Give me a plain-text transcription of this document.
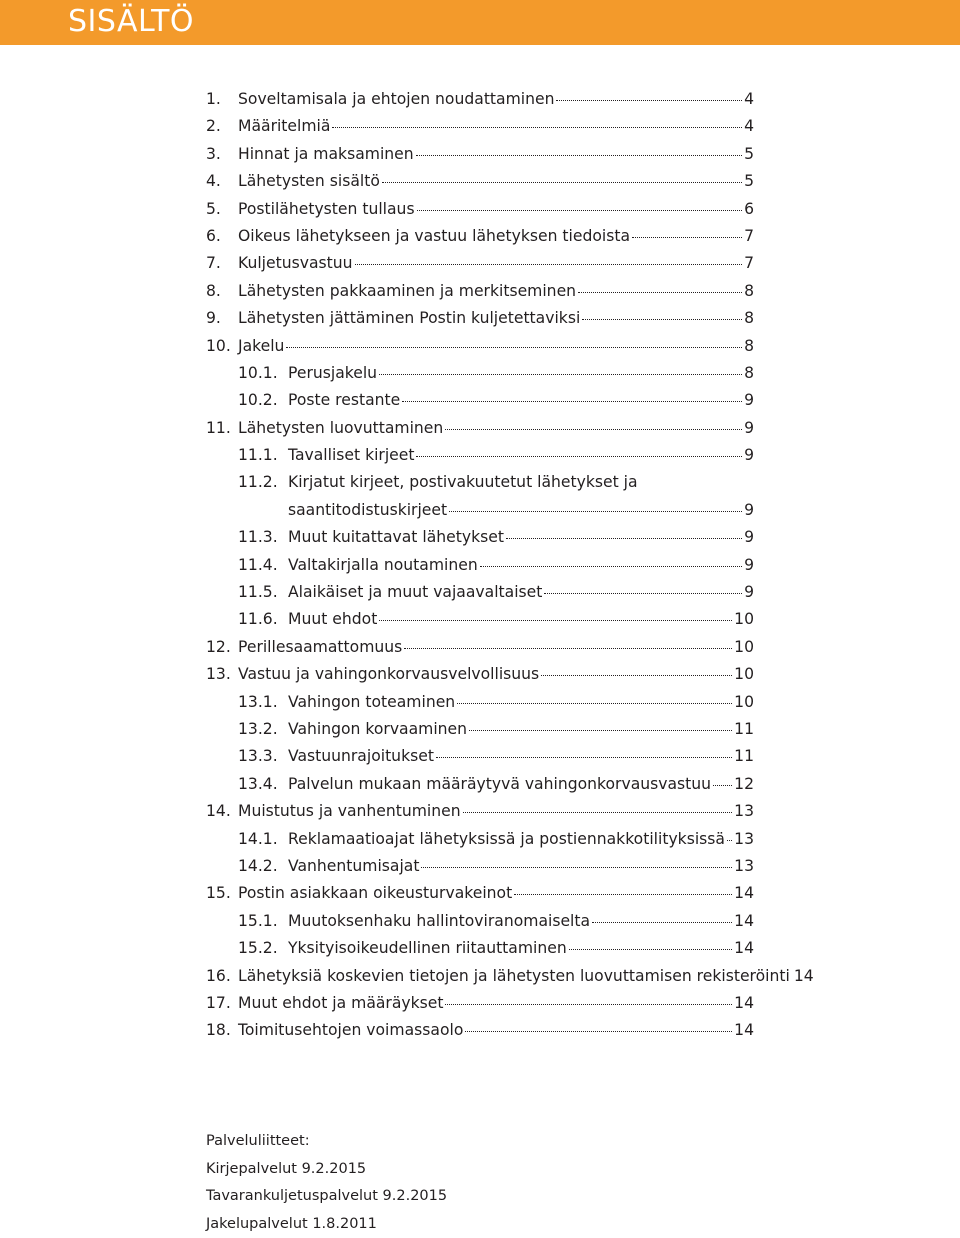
SISÄLTÖ
1.	Soveltamisala ja ehtojen noudattaminen	4
2.	Määritelmiä	4
3.	Hinnat ja maksaminen	5
4.	Lähetysten sisältö	5
5.	Postilähetysten tullaus	6
6.	Oikeus lähetykseen ja vastuu lähetyksen tiedoista	7
7.	Kuljetusvastuu	7
8.	Lähetysten pakkaaminen ja merkitseminen	8
9.	Lähetysten jättäminen Postin kuljetettaviksi	8
10. Jakelu	8
10.1. Perusjakelu	8
10.2. Poste restante	9
11. Lähetysten luovuttaminen	9
11.1. Tavalliset kirjeet	9
11.2. Kirjatut kirjeet, postivakuutetut lähetykset ja
saantitodistuskirjeet	9
11.3. Muut kuitattavat lähetykset	9
11.4. Valtakirjalla noutaminen	9
11.5. Alaikäiset ja muut vajaavaltaiset	9
11.6. Muut ehdot	10
12. Perillesaamattomuus	10
13. Vastuu ja vahingonkorvausvelvollisuus	10
13.1. Vahingon toteaminen	10
13.2. Vahingon korvaaminen	11
13.3. Vastuunrajoitukset	11
13.4. Palvelun mukaan määräytyvä vahingonkorvausvastuu 12
14. Muistutus ja vanhentuminen	13
14.1. Reklamaatioajat lähetyksissä ja postiennakkotilityksissä 13
14.2. Vanhentumisajat	13
15. Postin asiakkaan oikeusturvakeinot	14
15.1. Muutoksenhaku hallintoviranomaiselta	14
15.2. Yksityisoikeudellinen riitauttaminen	14
16. Lähetyksiä koskevien tietojen ja lähetysten luovuttamisen rekisteröinti 14
17. Muut ehdot ja määräykset	14
18. Toimitusehtojen voimassaolo	14
Palveluliitteet:
Kirjepalvelut 9.2.2015
Tavarankuljetuspalvelut 9.2.2015
Jakelupalvelut 1.8.2011
